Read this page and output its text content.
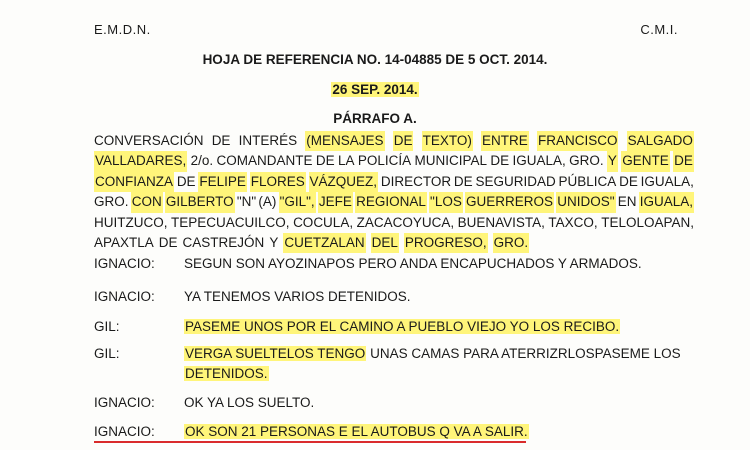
E.M.D.N.	C.M.I.
HOJA DE REFERENCIA NO. 14-04885 DE 5 OCT. 2014.
26 SEP. 2014.
PÁRRAFO A.
CONVERSACIÓN DE INTERÉS (MENSAJES DE TEXTO) ENTRE FRANCISCO SALGADO
VALLADARES, 2/o. COMANDANTE DE LA POLICÍA MUNICIPAL DE IGUALA, GRO. Y GENTE DE
CONFIANZA DE FELIPE FLORES VÁZQUEZ, DIRECTOR DE SEGURIDAD PÚBLICA DE IGUALA,
GRO. CON GILBERTO "N" (A) "GIL", JEFE REGIONAL "LOS GUERREROS UNIDOS" EN IGUALA,
HUITZUCO, TEPECUACUILCO, COCULA, ZACACOYUCA, BUENAVISTA, TAXCO, TELOLOAPAN,
APAXTLA DE CASTREJÓN Y CUETZALAN DEL PROGRESO, GRO.
IGNACIO:	SEGUN SON AYOZINAPOS PERO ANDA ENCAPUCHADOS Y ARMADOS.
IGNACIO:	YA TENEMOS VARIOS DETENIDOS.
GIL:	PASEME UNOS POR EL CAMINO A PUEBLO VIEJO YO LOS RECIBO.
GIL:	VERGA SUELTELOS TENGO UNAS CAMAS PARA ATERRIZRLOSPASEME LOS
DETENIDOS.
IGNACIO:	OK YA LOS SUELTO.
IGNACIO:	OK SON 21 PERSONAS E EL AUTOBUS Q VA A SALIR.
